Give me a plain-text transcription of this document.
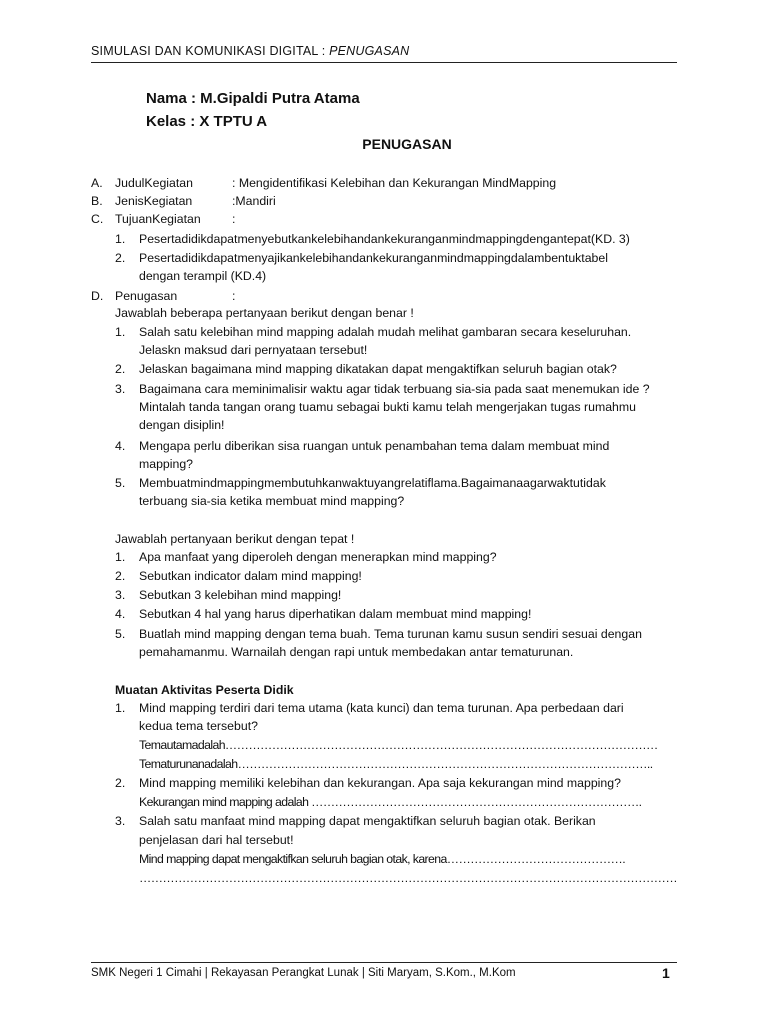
SIMULASI DAN KOMUNIKASI DIGITAL : PENUGASAN
Nama : M.Gipaldi Putra Atama
Kelas : X TPTU A
PENUGASAN
A. JudulKegiatan	: Mengidentifikasi Kelebihan dan Kekurangan MindMapping
B. JenisKegiatan	:Mandiri
C. TujuanKegiatan	:
1. Pesertadidikdapatmenyebutkankelebihandankekuranganmindmappingdengantepat(KD. 3)
2. Pesertadidikdapatmenyajikankelebihandankekuranganmindmappingdalambentuktabel
dengan terampil (KD.4)
D. Penugasan	:
Jawablah beberapa pertanyaan berikut dengan benar !
1. Salah satu kelebihan mind mapping adalah mudah melihat gambaran secara keseluruhan.
Jelaskn maksud dari pernyataan tersebut!
2. Jelaskan bagaimana mind mapping dikatakan dapat mengaktifkan seluruh bagian otak?
3. Bagaimana cara meminimalisir waktu agar tidak terbuang sia-sia pada saat menemukan ide ?
Mintalah tanda tangan orang tuamu sebagai bukti kamu telah mengerjakan tugas rumahmu
dengan disiplin!
4. Mengapa perlu diberikan sisa ruangan untuk penambahan tema dalam membuat mind
mapping?
5. Membuatmindmappingmembutuhkanwaktuyangrelatiflama.Bagaimanaagarwaktutidak
terbuang sia-sia ketika membuat mind mapping?
Jawablah pertanyaan berikut dengan tepat !
1. Apa manfaat yang diperoleh dengan menerapkan mind mapping?
2. Sebutkan indicator dalam mind mapping!
3. Sebutkan 3 kelebihan mind mapping!
4. Sebutkan 4 hal yang harus diperhatikan dalam membuat mind mapping!
5. Buatlah mind mapping dengan tema buah. Tema turunan kamu susun sendiri sesuai dengan
pemahamanmu. Warnailah dengan rapi untuk membedakan antar tematurunan.
Muatan Aktivitas Peserta Didik
1. Mind mapping terdiri dari tema utama (kata kunci) dan tema turunan. Apa perbedaan dari
kedua tema tersebut?
Temautamadalah…………………………………………………………………………………………………
Tematurunanadalah……………………………………………………………………………………………..
2. Mind mapping memiliki kelebihan dan kekurangan. Apa saja kekurangan mind mapping?
Kekurangan mind mapping adalah ………………………………………………………………………….
3. Salah satu manfaat mind mapping dapat mengaktifkan seluruh bagian otak. Berikan
penjelasan dari hal tersebut!
Mind mapping dapat mengaktifkan seluruh bagian otak, karena……………………………………….
…………………………………………………………………………………………………………………………
SMK Negeri 1 Cimahi | Rekayasan Perangkat Lunak | Siti Maryam, S.Kom., M.Kom	1
